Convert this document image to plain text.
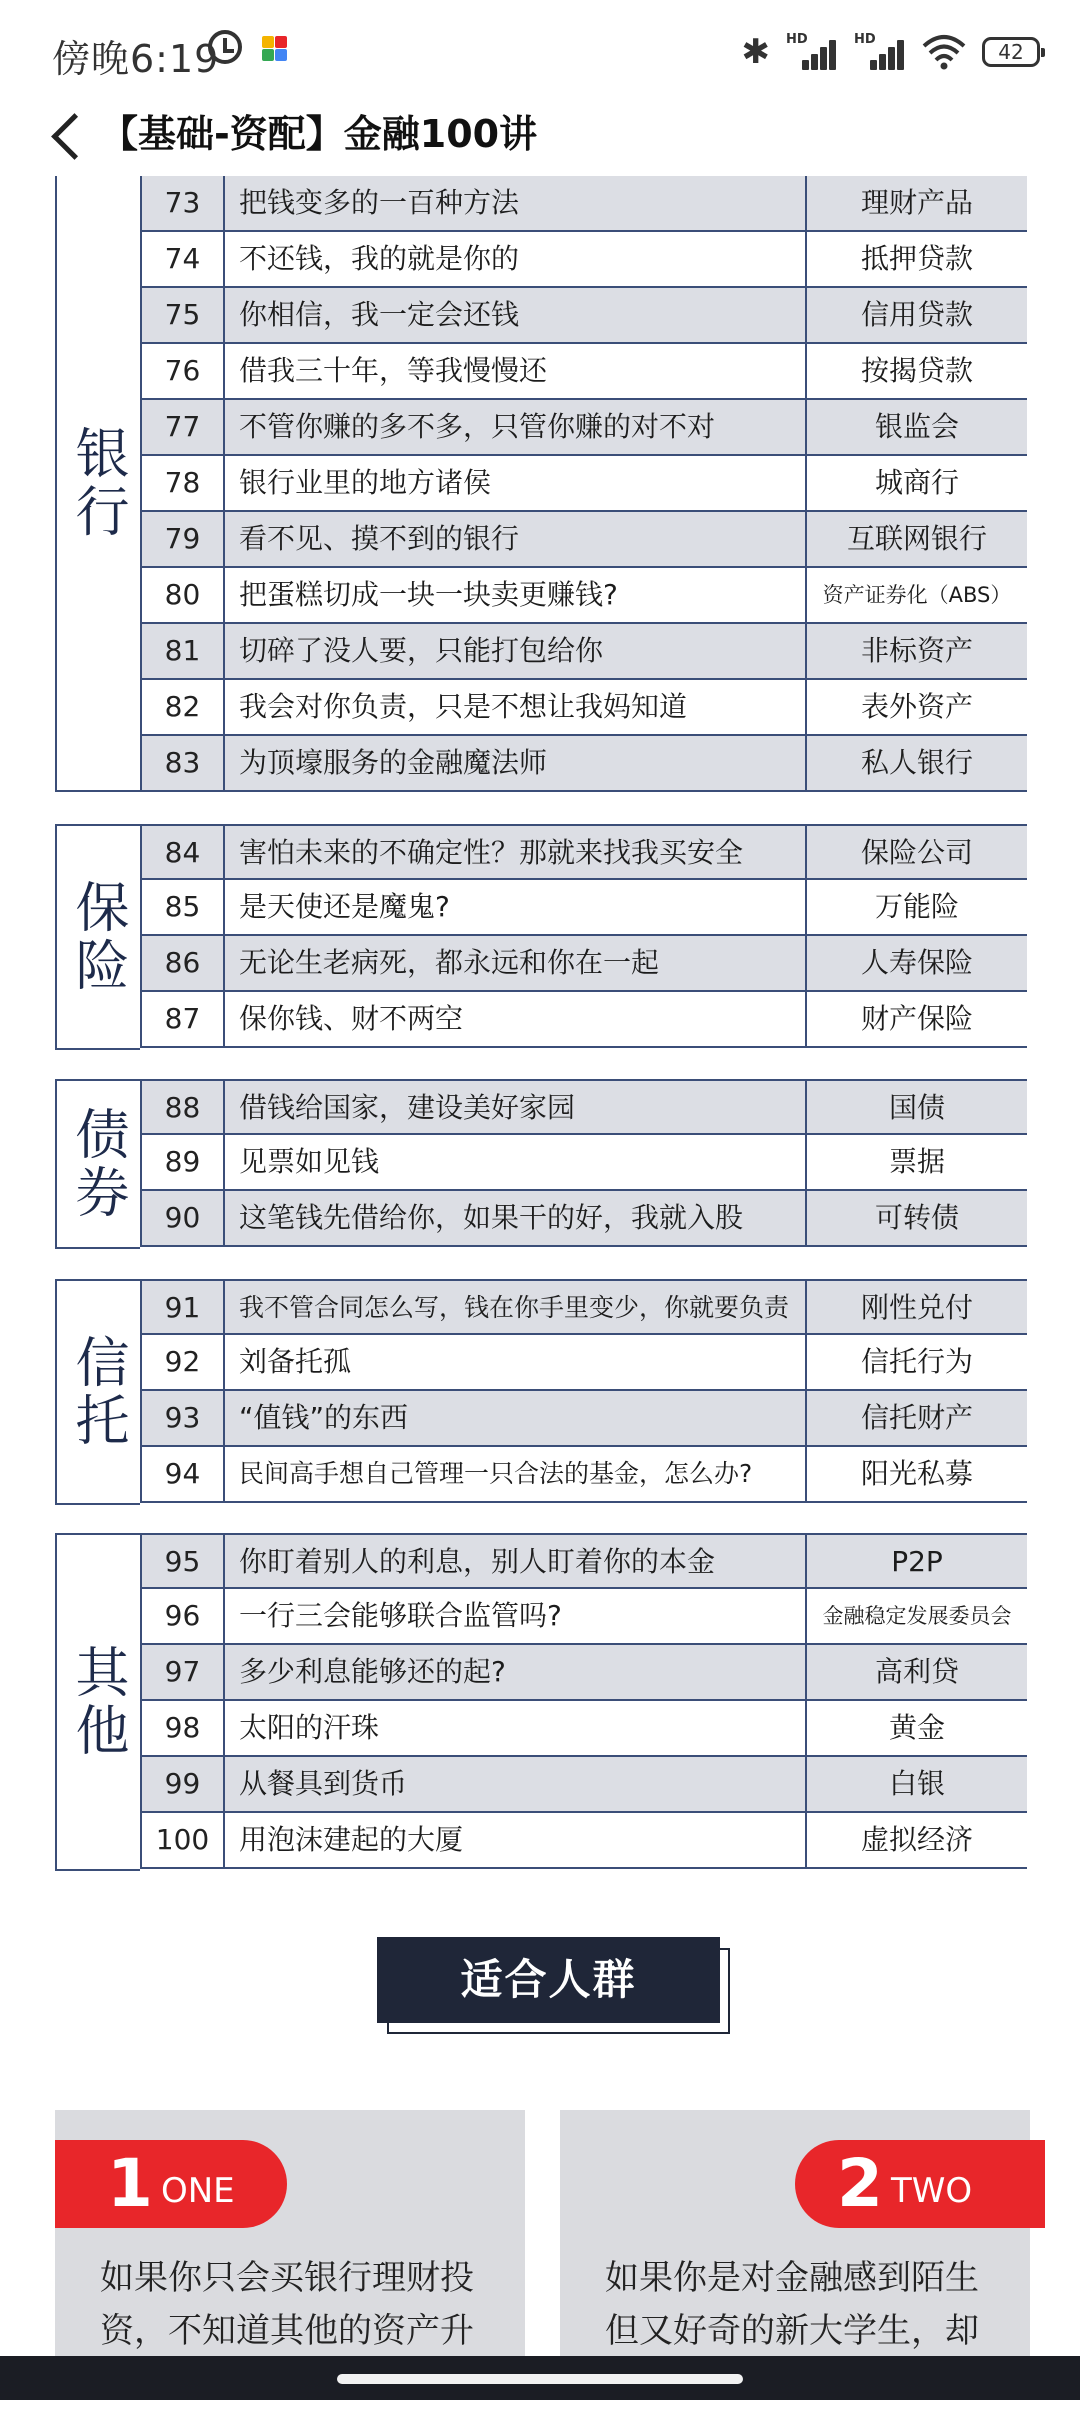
傍晚6:19	✱ HD	HD
42
【基础-资配】金融100讲
银行
73	把钱变多的一百种方法	理财产品
74	不还钱，我的就是你的	抵押贷款
75	你相信，我一定会还钱	信用贷款
76	借我三十年，等我慢慢还	按揭贷款
77	不管你赚的多不多，只管你赚的对不对	银监会
78	银行业里的地方诸侯	城商行
79	看不见、摸不到的银行	互联网银行
80	把蛋糕切成一块一块卖更赚钱?	资产证券化（ABS）
81	切碎了没人要，只能打包给你	非标资产
82	我会对你负责，只是不想让我妈知道	表外资产
83	为顶壕服务的金融魔法师	私人银行
保险
84	害怕未来的不确定性？那就来找我买安全	保险公司
85	是天使还是魔鬼?	万能险
86	无论生老病死，都永远和你在一起	人寿保险
87	保你钱、财不两空	财产保险
债券	88	借钱给国家，建设美好家园	国债
89	见票如见钱	票据
90	这笔钱先借给你，如果干的好，我就入股	可转债
信托
91	我不管合同怎么写，钱在你手里变少，你就要负责	刚性兑付
92	刘备托孤	信托行为
93	“值钱”的东西	信托财产
94	民间高手想自己管理一只合法的基金，怎么办?	阳光私募
其他
95	你盯着别人的利息，别人盯着你的本金	P2P
96	一行三会能够联合监管吗?	金融稳定发展委员会
97	多少利息能够还的起?	高利贷
98	太阳的汗珠	黄金
99	从餐具到货币	白银
100	用泡沫建起的大厦	虚拟经济
适合人群
1 ONE

如果你只会买银行理财投资，不知道其他的资产升

2 TWO

如果你是对金融感到陌生但又好奇的新大学生，却
